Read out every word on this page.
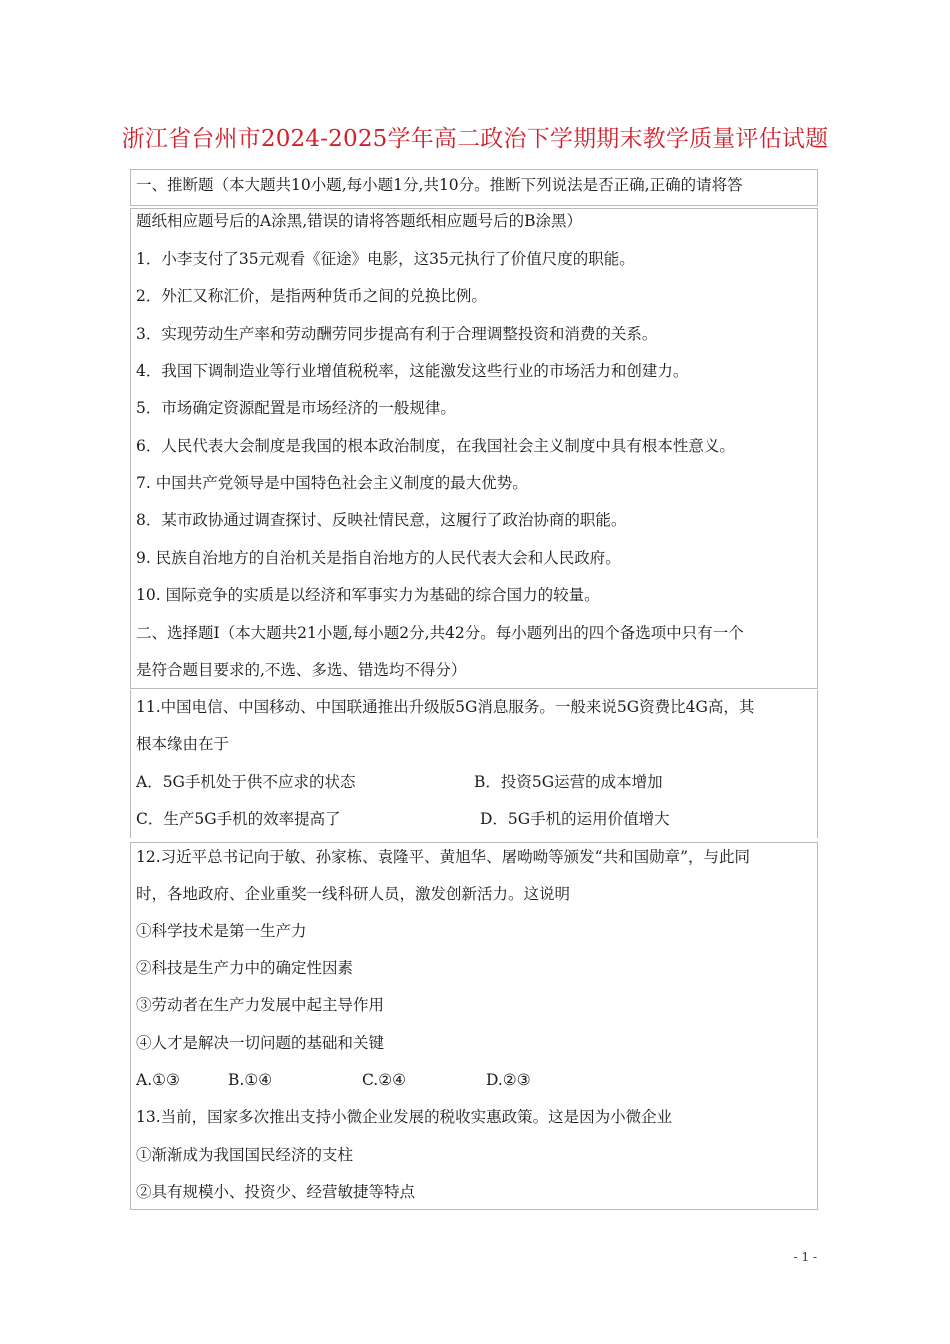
浙江省台州市2024-2025学年高二政治下学期期末教学质量评估试题
一、推断题（本大题共10小题,每小题1分,共10分。推断下列说法是否正确,正确的请将答
题纸相应题号后的A涂黑,错误的请将答题纸相应题号后的B涂黑）
1．小李支付了35元观看《征途》电影，这35元执行了价值尺度的职能。
2．外汇又称汇价，是指两种货币之间的兑换比例。
3．实现劳动生产率和劳动酬劳同步提高有利于合理调整投资和消费的关系。
4．我国下调制造业等行业增值税税率，这能激发这些行业的市场活力和创建力。
5．市场确定资源配置是市场经济的一般规律。
6．人民代表大会制度是我国的根本政治制度，在我国社会主义制度中具有根本性意义。
7. 中国共产党领导是中国特色社会主义制度的最大优势。
8．某市政协通过调查探讨、反映社情民意，这履行了政治协商的职能。
9. 民族自治地方的自治机关是指自治地方的人民代表大会和人民政府。
10. 国际竞争的实质是以经济和军事实力为基础的综合国力的较量。
二、选择题Ⅰ（本大题共21小题,每小题2分,共42分。每小题列出的四个备选项中只有一个
是符合题目要求的,不选、多选、错选均不得分）
11.中国电信、中国移动、中国联通推出升级版5G消息服务。一般来说5G资费比4G高，其
根本缘由在于
A．5G手机处于供不应求的状态	B．投资5G运营的成本增加
C．生产5G手机的效率提高了	D．5G手机的运用价值增大
12.习近平总书记向于敏、孙家栋、袁隆平、黄旭华、屠呦呦等颁发“共和国勋章”，与此同
时，各地政府、企业重奖一线科研人员，激发创新活力。这说明
①科学技术是第一生产力
②科技是生产力中的确定性因素
③劳动者在生产力发展中起主导作用
④人才是解决一切问题的基础和关键
A.①③	B.①④	C.②④	D.②③
13.当前，国家多次推出支持小微企业发展的税收实惠政策。这是因为小微企业
①渐渐成为我国国民经济的支柱
②具有规模小、投资少、经营敏捷等特点
- 1 -
